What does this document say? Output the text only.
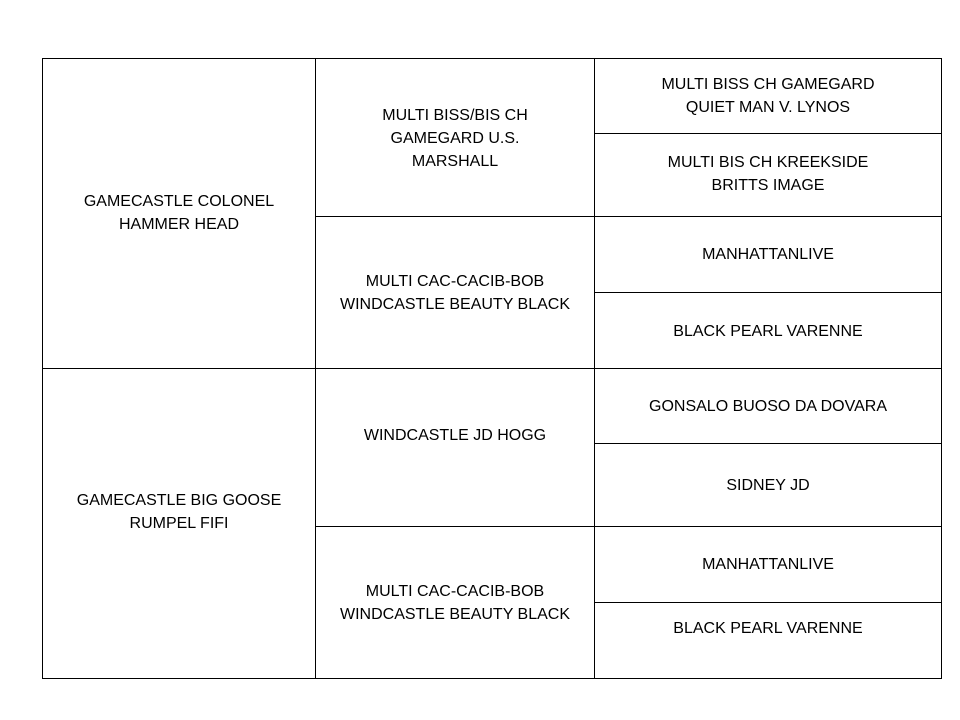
GAMECASTLE COLONEL
HAMMER HEAD
GAMECASTLE BIG GOOSE
RUMPEL FIFI
MULTI BISS/BIS CH
GAMEGARD U.S.
MARSHALL
MULTI CAC-CACIB-BOB
WINDCASTLE BEAUTY BLACK
WINDCASTLE JD HOGG
MULTI CAC-CACIB-BOB
WINDCASTLE BEAUTY BLACK
MULTI BISS CH GAMEGARD
QUIET MAN V. LYNOS
MULTI BIS CH KREEKSIDE
BRITTS IMAGE
MANHATTANLIVE
BLACK PEARL VARENNE
GONSALO BUOSO DA DOVARA
SIDNEY JD
MANHATTANLIVE
BLACK PEARL VARENNE
